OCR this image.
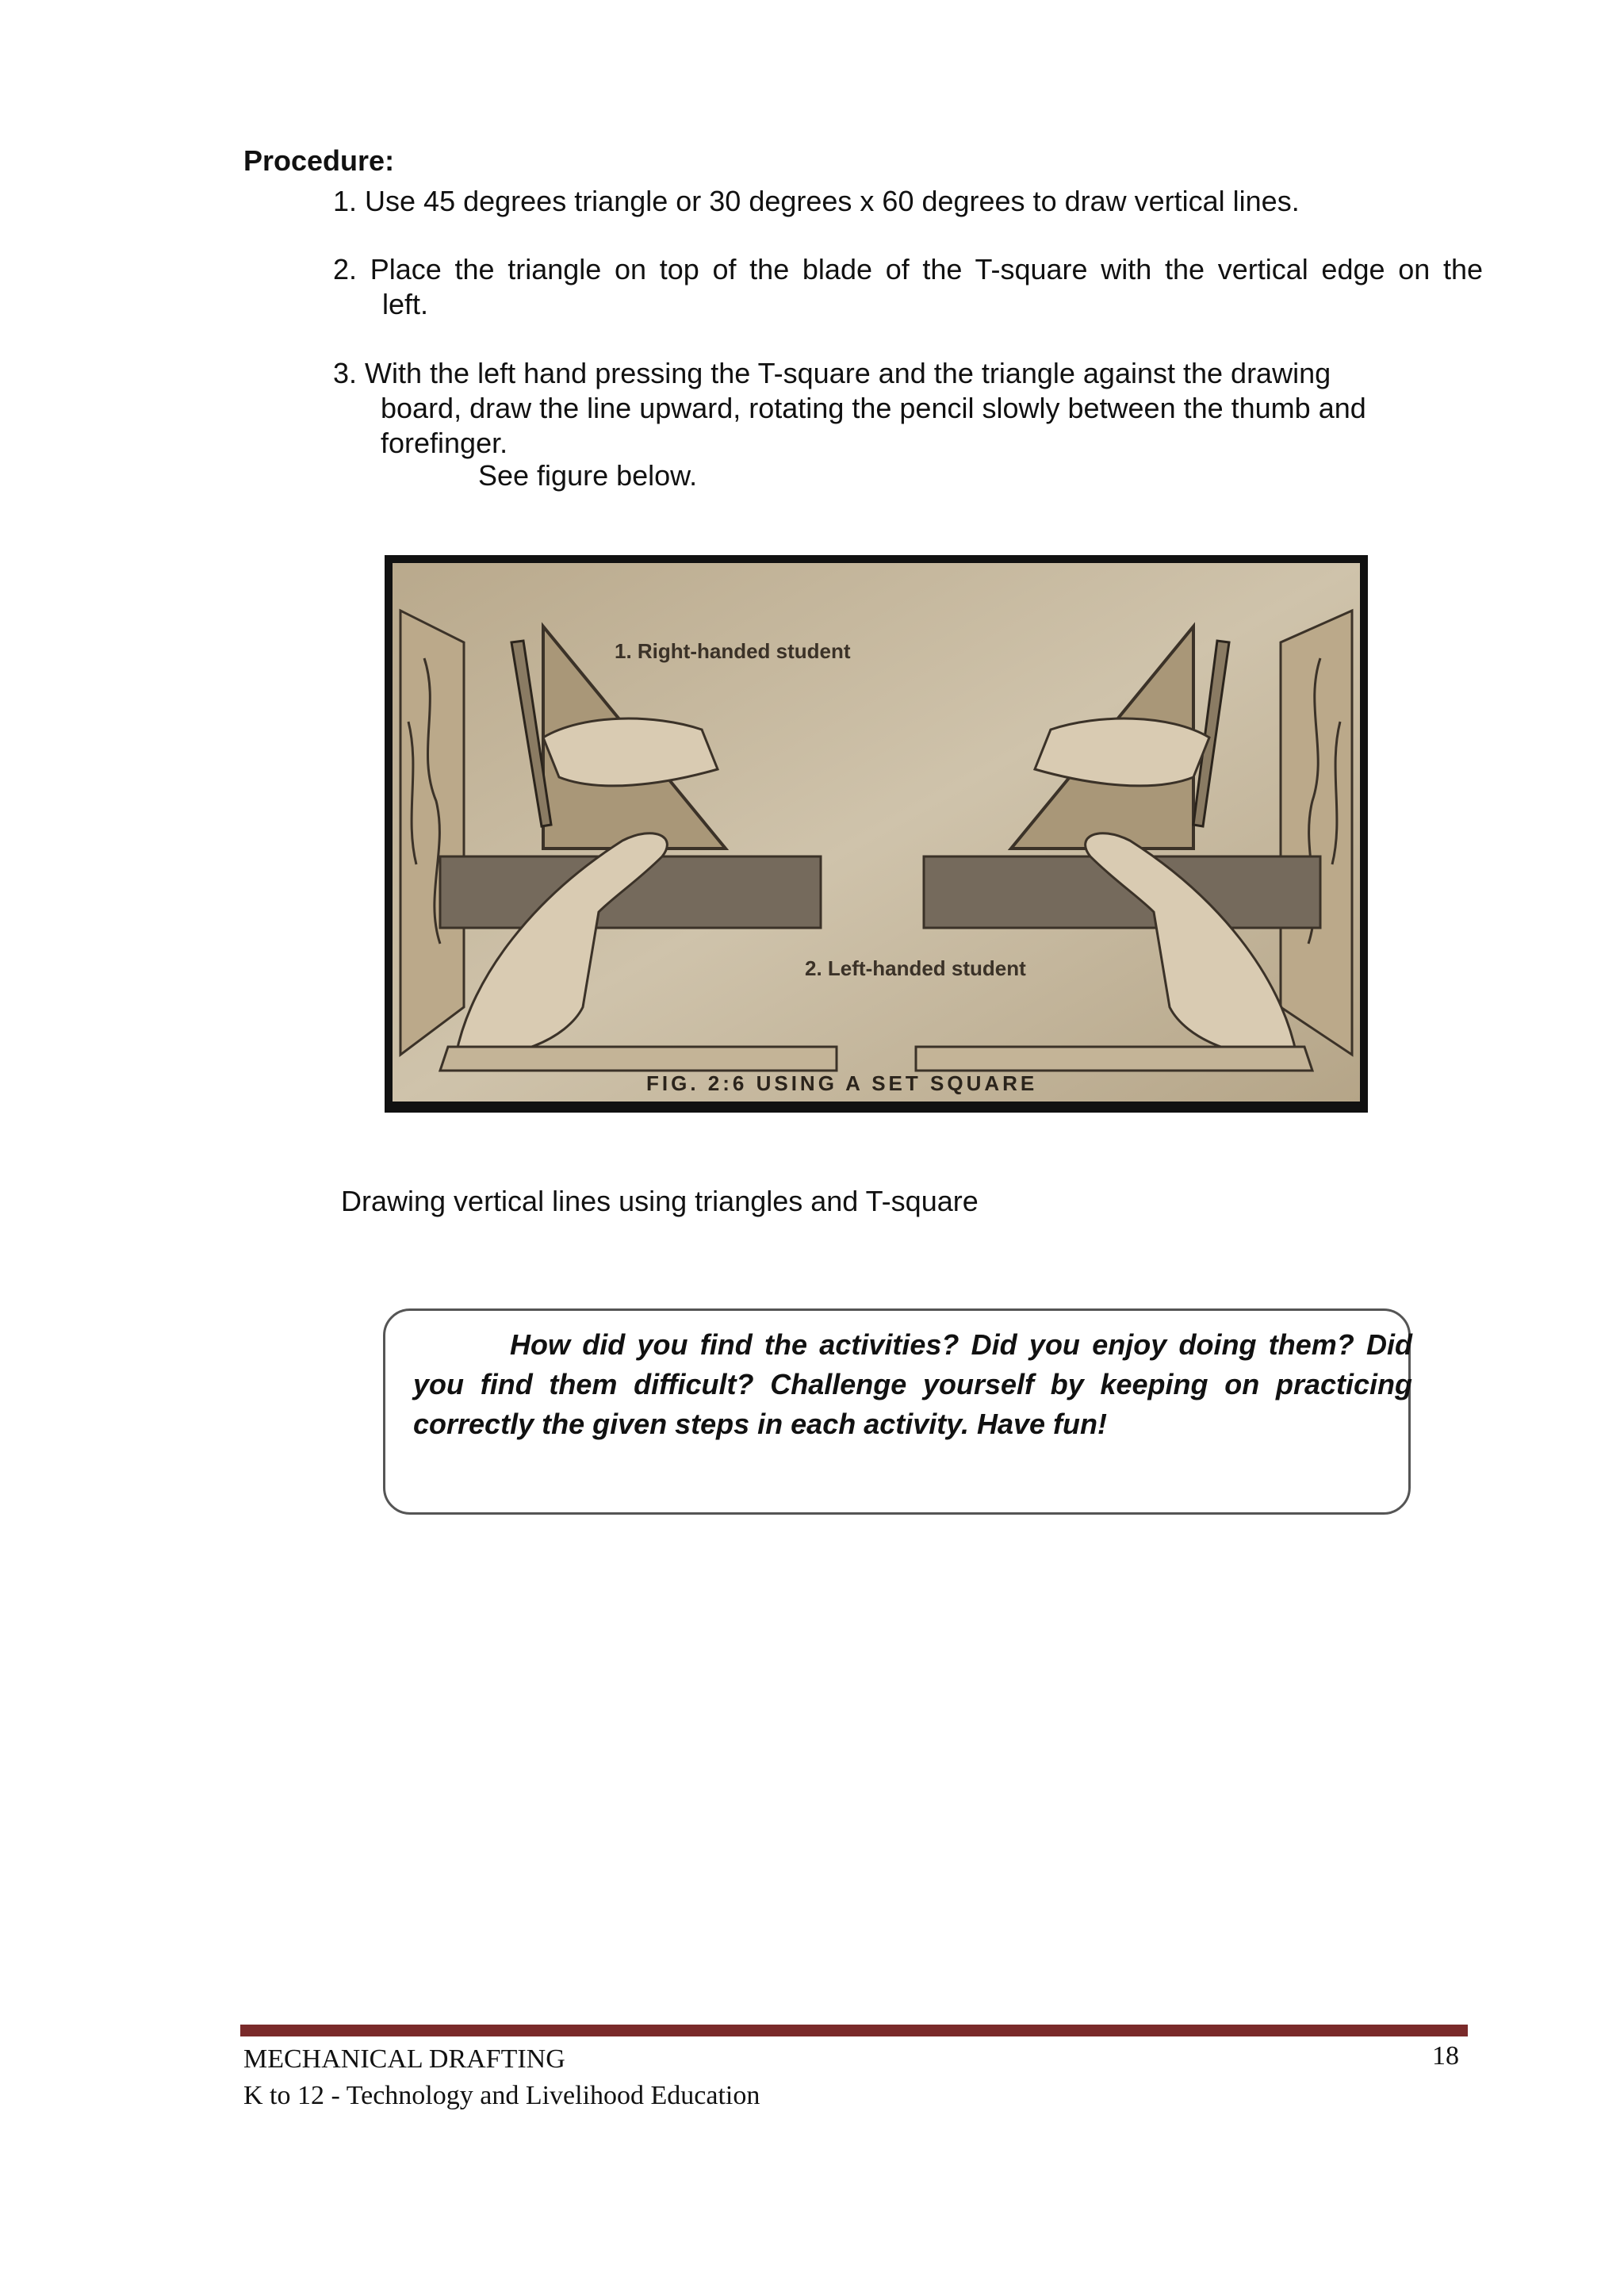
Procedure:
1. Use 45 degrees triangle or 30 degrees x 60 degrees to draw vertical lines.
2. Place the triangle on top of the blade of the T-square with the vertical edge on the
left.
3. With the left hand pressing the T-square and the triangle against the drawing
board, draw the line upward, rotating the pencil slowly between the thumb and
forefinger.
See figure below.
1. Right-handed student
2. Left-handed student
FIG. 2:6 USING A SET SQUARE
Drawing vertical lines using triangles and T-square
How did you find the activities? Did you enjoy doing them? Did you find them difficult? Challenge yourself by keeping on practicing correctly the given steps in each activity. Have fun!
MECHANICAL DRAFTING
K to 12 - Technology and Livelihood Education
18
